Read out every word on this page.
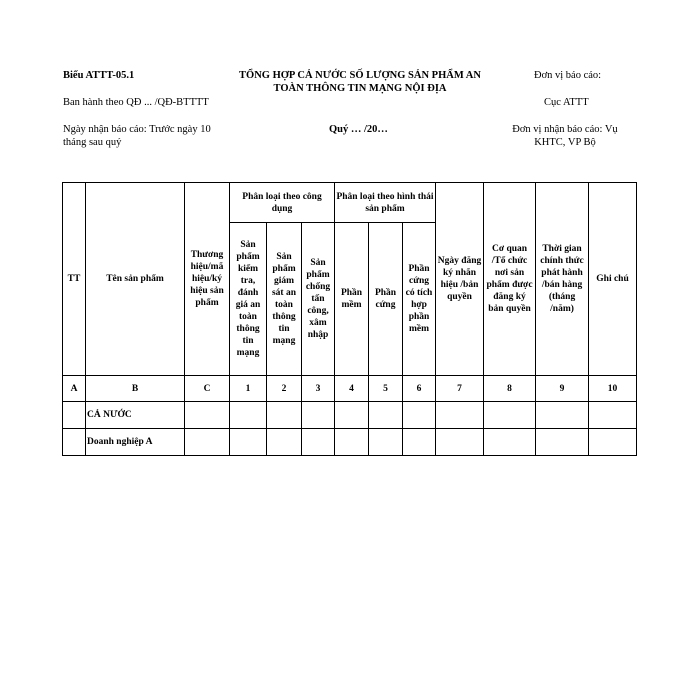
Biểu ATTT-05.1	TỔNG HỢP CẢ NƯỚC SỐ LƯỢNG SẢN PHẨM AN
TOÀN THÔNG TIN MẠNG NỘI ĐỊA
Đơn vị báo cáo:
Ban hành theo QĐ ... /QĐ-BTTTT	Cục ATTT
Ngày nhận báo cáo: Trước ngày 10
tháng sau quý
Quý … /20…	Đơn vị nhận báo cáo: Vụ
KHTC, VP Bộ
TT	Tên sản phẩm	Thương hiệu/mã hiệu/ký hiệu sản phẩm	Phân loại theo công dụng			Phân loại theo hình thái sản phẩm			Ngày đăng ký nhãn hiệu /bản quyền	Cơ quan /Tổ chức nơi sản phẩm được đăng ký bản quyền	Thời gian chính thức phát hành /bán hàng (tháng /năm)	Ghi chú
			Sản phẩm kiểm tra, đánh giá an toàn thông tin mạng	Sản phẩm giám sát an toàn thông tin mạng	Sản phẩm chống tấn công, xâm nhập	Phần mềm	Phần cứng	Phần cứng có tích hợp phần mềm				
A	B	C	1	2	3	4	5	6	7	8	9	10
	CẢ NƯỚC											
	Doanh nghiệp A											
